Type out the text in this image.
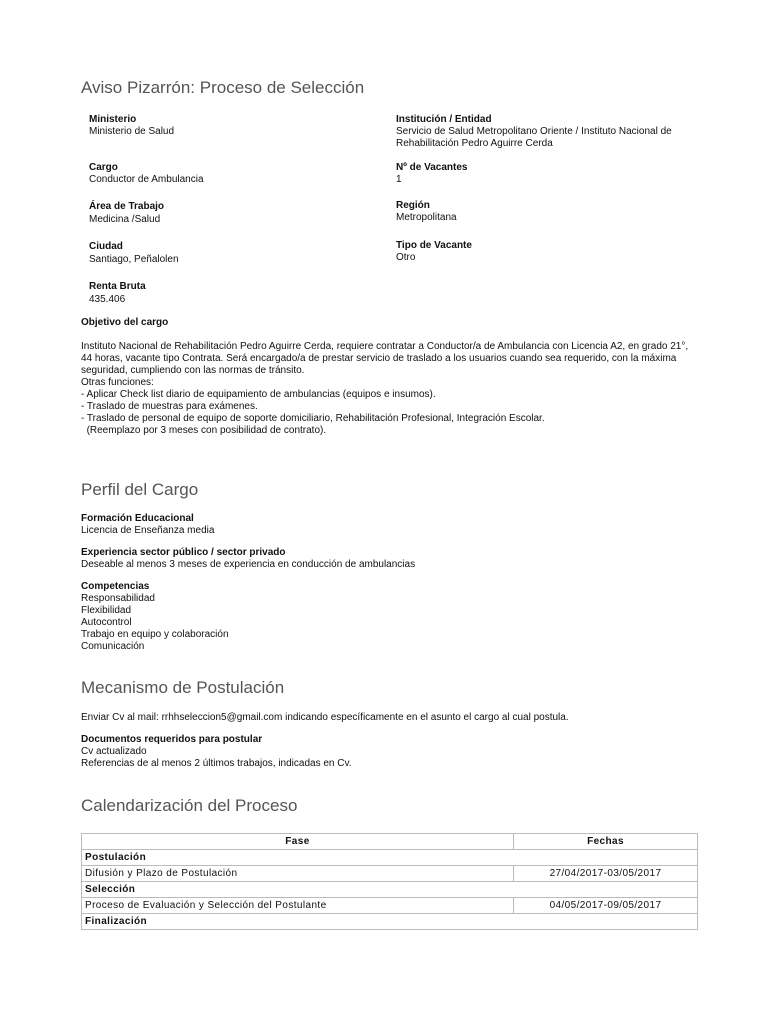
Aviso Pizarrón: Proceso de Selección
Ministerio
Ministerio de Salud
Cargo
Conductor de Ambulancia
Área de Trabajo
Medicina /Salud
Ciudad
Santiago, Peñalolen
Renta Bruta
435.406
Institución / Entidad
Servicio de Salud Metropolitano Oriente / Instituto Nacional de Rehabilitación Pedro Aguirre Cerda
Nº de Vacantes
1
Región
Metropolitana
Tipo de Vacante
Otro
Objetivo del cargo
Instituto Nacional de Rehabilitación Pedro Aguirre Cerda, requiere contratar a Conductor/a de Ambulancia con Licencia A2, en grado 21°, 44 horas, vacante tipo Contrata. Será encargado/a de prestar servicio de traslado a los usuarios cuando sea requerido, con la máxima seguridad, cumpliendo con las normas de tránsito.
Otras funciones:
- Aplicar Check list diario de equipamiento de ambulancias (equipos e insumos).
- Traslado de muestras para exámenes.
- Traslado de personal de equipo de soporte domiciliario, Rehabilitación Profesional, Integración Escolar.
(Reemplazo por 3 meses con posibilidad de contrato).
Perfil del Cargo
Formación Educacional
Licencia de Enseñanza media
Experiencia sector público / sector privado
Deseable al menos 3 meses de experiencia en conducción de ambulancias
Competencias
Responsabilidad
Flexibilidad
Autocontrol
Trabajo en equipo y colaboración
Comunicación
Mecanismo de Postulación
Enviar Cv al mail: rrhhseleccion5@gmail.com indicando específicamente en el asunto el cargo al cual postula.
Documentos requeridos para postular
Cv actualizado
Referencias de al menos 2 últimos trabajos, indicadas en Cv.
Calendarización del Proceso
Fase	Fechas
Postulación	
Difusión y Plazo de Postulación	27/04/2017-03/05/2017
Selección	
Proceso de Evaluación y Selección del Postulante	04/05/2017-09/05/2017
Finalización	
